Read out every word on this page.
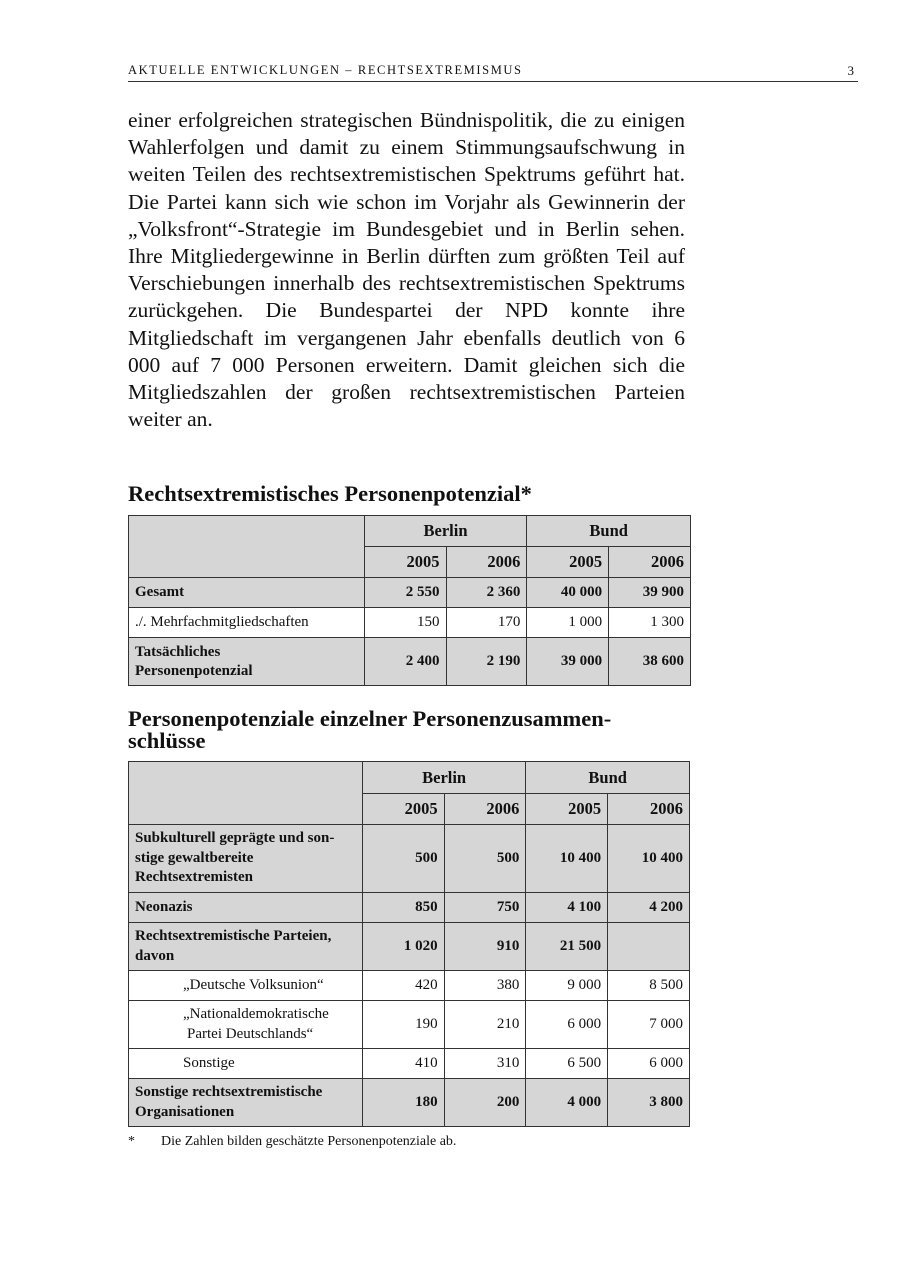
AKTUELLE ENTWICKLUNGEN – RECHTSEXTREMISMUS	3

einer erfolgreichen strategischen Bündnispolitik, die zu einigen Wahlerfolgen und damit zu einem Stimmungsaufschwung in weiten Teilen des rechtsextremistischen Spektrums geführt hat. Die Partei kann sich wie schon im Vorjahr als Gewinnerin der „Volksfront“-Strategie im Bundesgebiet und in Berlin sehen. Ihre Mitgliedergewinne in Berlin dürften zum größten Teil auf Verschiebungen innerhalb des rechtsextremistischen Spektrums zurückgehen. Die Bundespartei der NPD konnte ihre Mitgliedschaft im vergangenen Jahr ebenfalls deutlich von 6 000 auf 7 000 Personen erweitern. Damit gleichen sich die Mitgliedszahlen der großen rechtsextremistischen Parteien weiter an.

Rechtsextremistisches Personenpotenzial*
	Berlin		Bund	
	2005	2006	2005	2006
Gesamt	2 550	2 360	40 000	39 900
./. Mehrfachmitgliedschaften	150	170	1 000	1 300
Tatsächliches
Personenpotenzial	2 400	2 190	39 000	38 600
Personenpotenziale einzelner Personenzusammen-
schlüsse
	Berlin		Bund	
	2005	2006	2005	2006
Subkulturell geprägte und son-
stige gewaltbereite
Rechtsextremisten	500	500	10 400	10 400
Neonazis	850	750	4 100	4 200
Rechtsextremistische Parteien,
davon	1 020	910	21 500	
„Deutsche Volksunion“	420	380	9 000	8 500
„Nationaldemokratische
Partei Deutschlands“	190	210	6 000	7 000
Sonstige	410	310	6 500	6 000
Sonstige rechtsextremistische
Organisationen	180	200	4 000	3 800

* Die Zahlen bilden geschätzte Personenpotenziale ab.
